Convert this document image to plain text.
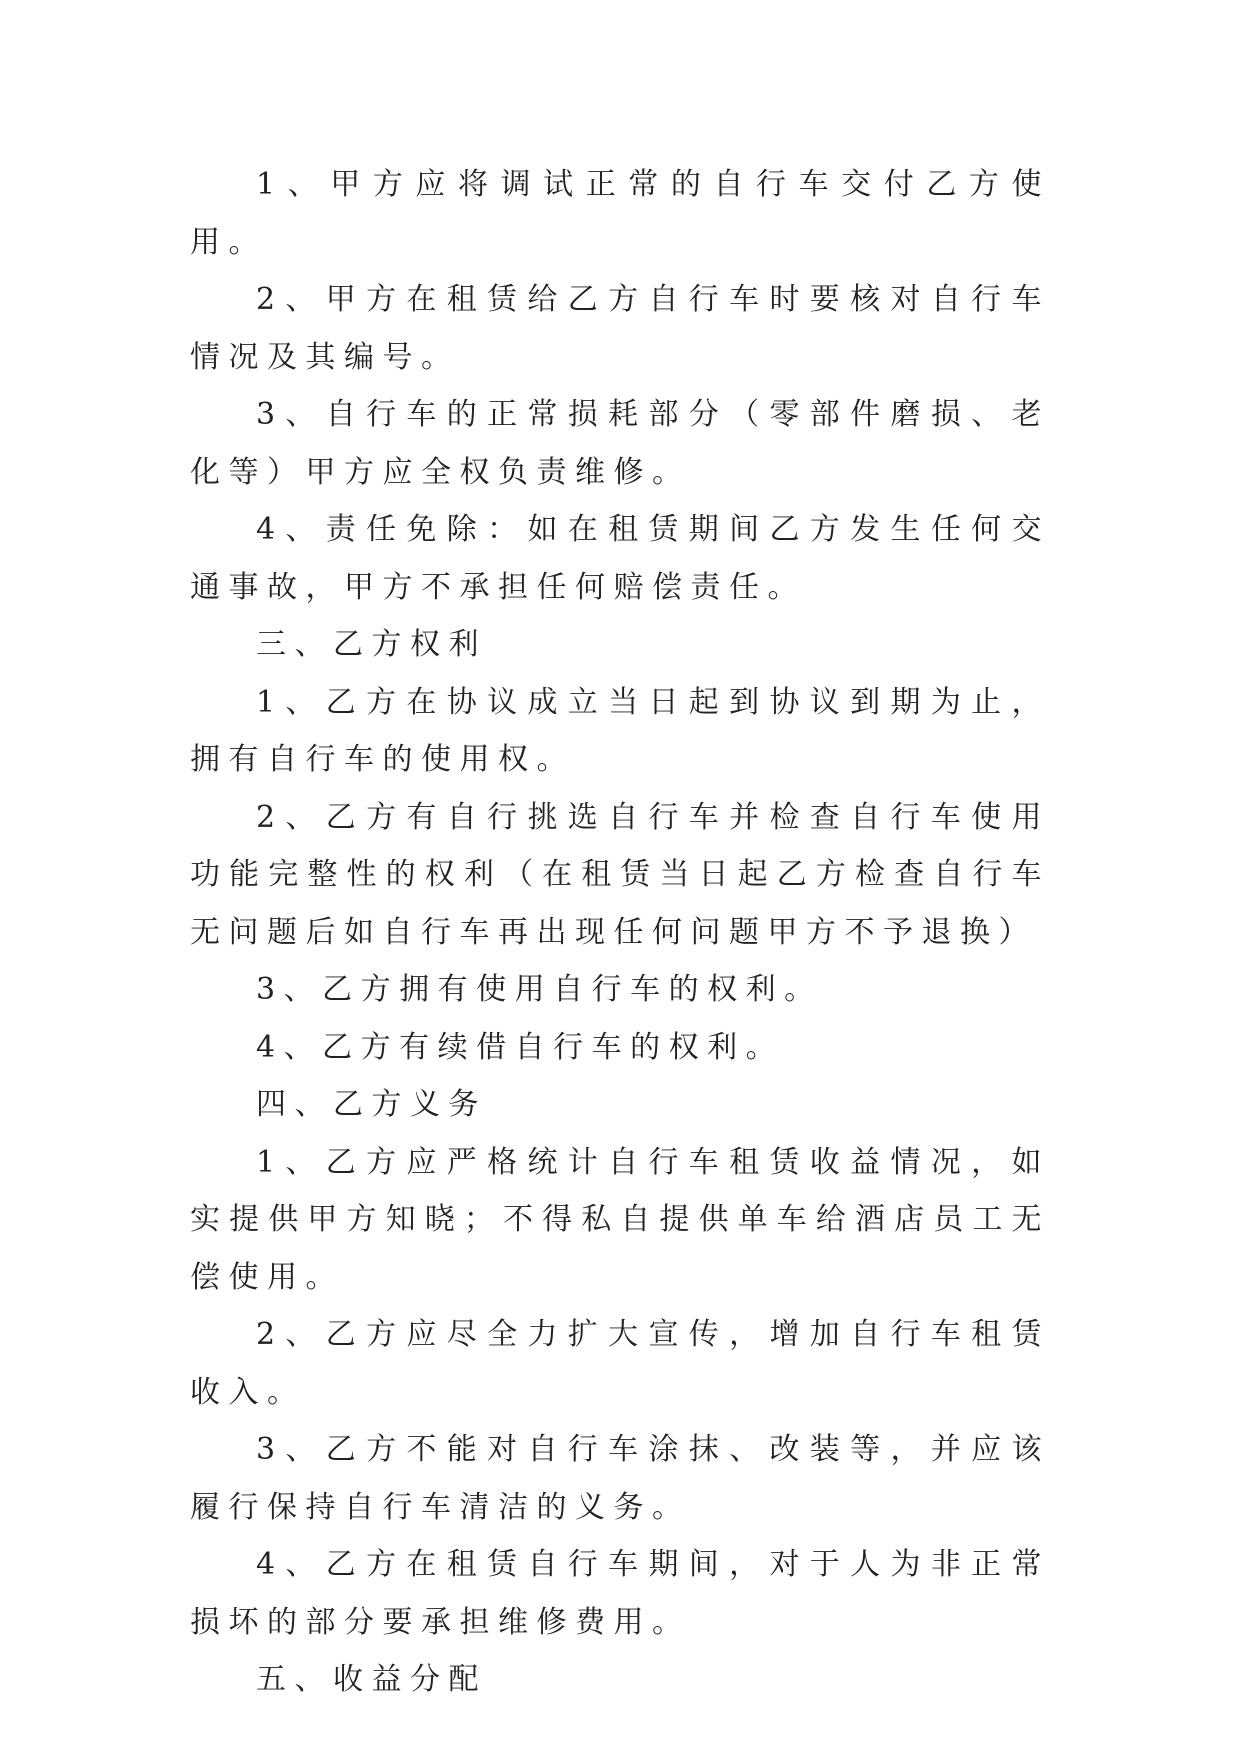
1、甲方应将调试正常的自行车交付乙方使用。

2、甲方在租赁给乙方自行车时要核对自行车情况及其编号。

3、自行车的正常损耗部分（零部件磨损、老化等）甲方应全权负责维修。

4、责任免除：如在租赁期间乙方发生任何交通事故，甲方不承担任何赔偿责任。

三、乙方权利

1、乙方在协议成立当日起到协议到期为止，拥有自行车的使用权。

2、乙方有自行挑选自行车并检查自行车使用功能完整性的权利（在租赁当日起乙方检查自行车无问题后如自行车再出现任何问题甲方不予退换）

3、乙方拥有使用自行车的权利。

4、乙方有续借自行车的权利。

四、乙方义务

1、乙方应严格统计自行车租赁收益情况，如实提供甲方知晓；不得私自提供单车给酒店员工无偿使用。

2、乙方应尽全力扩大宣传，增加自行车租赁收入。

3、乙方不能对自行车涂抹、改装等，并应该履行保持自行车清洁的义务。

4、乙方在租赁自行车期间，对于人为非正常损坏的部分要承担维修费用。

五、收益分配
